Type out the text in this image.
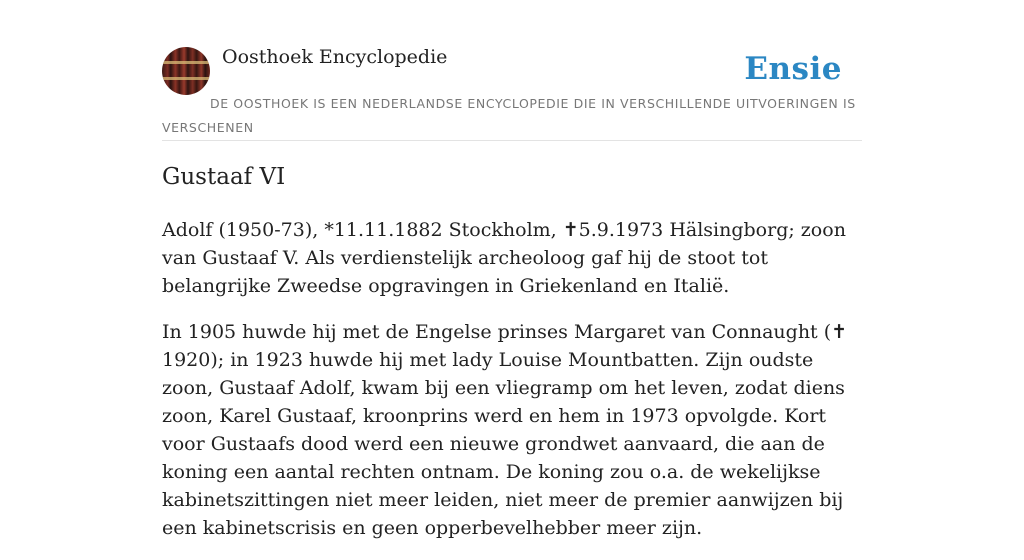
Oosthoek Encyclopedie	Ensie
DE OOSTHOEK IS EEN NEDERLANDSE ENCYCLOPEDIE DIE IN VERSCHILLENDE UITVOERINGEN IS VERSCHENEN
Gustaaf VI

Adolf (1950-73), *11.11.1882 Stockholm, ✝5.9.1973 Hälsingborg; zoon van Gustaaf V. Als verdienstelijk archeoloog gaf hij de stoot tot belangrijke Zweedse opgravingen in Griekenland en Italië.

In 1905 huwde hij met de Engelse prinses Margaret van Connaught (✝ 1920); in 1923 huwde hij met lady Louise Mountbatten. Zijn oudste zoon, Gustaaf Adolf, kwam bij een vliegramp om het leven, zodat diens zoon, Karel Gustaaf, kroonprins werd en hem in 1973 opvolgde. Kort voor Gustaafs dood werd een nieuwe grondwet aanvaard, die aan de koning een aantal rechten ontnam. De koning zou o.a. de wekelijkse kabinetszittingen niet meer leiden, niet meer de premier aanwijzen bij een kabinetscrisis en geen opperbevelhebber meer zijn.
